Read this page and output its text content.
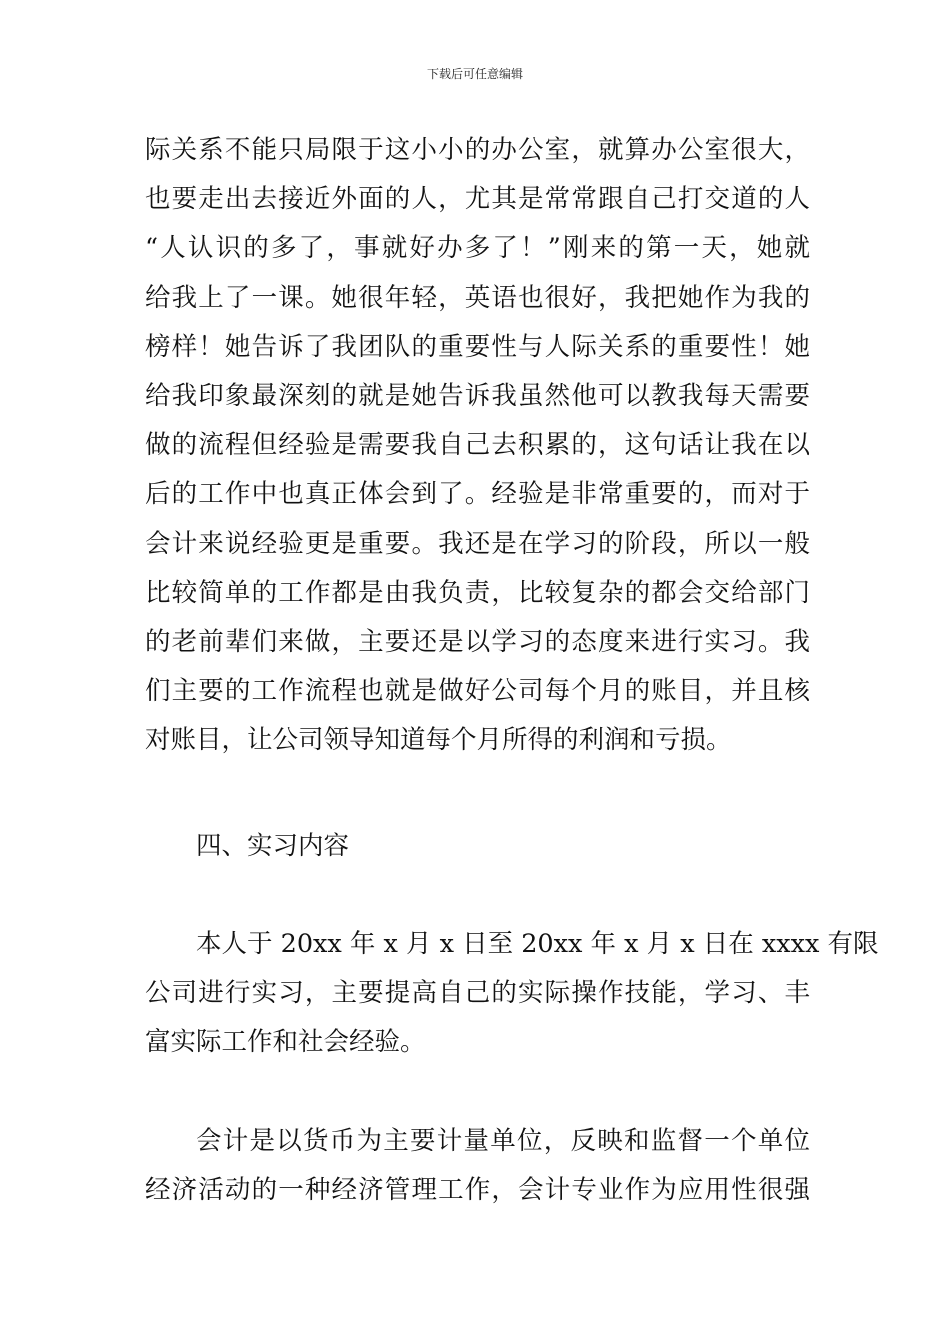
下载后可任意编辑
际关系不能只局限于这小小的办公室，就算办公室很大，
也要走出去接近外面的人，尤其是常常跟自己打交道的人
“人认识的多了，事就好办多了！”刚来的第一天，她就
给我上了一课。她很年轻，英语也很好，我把她作为我的
榜样！她告诉了我团队的重要性与人际关系的重要性！她
给我印象最深刻的就是她告诉我虽然他可以教我每天需要
做的流程但经验是需要我自己去积累的，这句话让我在以
后的工作中也真正体会到了。经验是非常重要的，而对于
会计来说经验更是重要。我还是在学习的阶段，所以一般
比较简单的工作都是由我负责，比较复杂的都会交给部门
的老前辈们来做，主要还是以学习的态度来进行实习。我
们主要的工作流程也就是做好公司每个月的账目，并且核
对账目，让公司领导知道每个月所得的利润和亏损。
四、实习内容
本人于 20xx 年 x 月 x 日至 20xx 年 x 月 x 日在 xxxx 有限
公司进行实习，主要提高自己的实际操作技能，学习、丰
富实际工作和社会经验。
会计是以货币为主要计量单位，反映和监督一个单位
经济活动的一种经济管理工作，会计专业作为应用性很强
